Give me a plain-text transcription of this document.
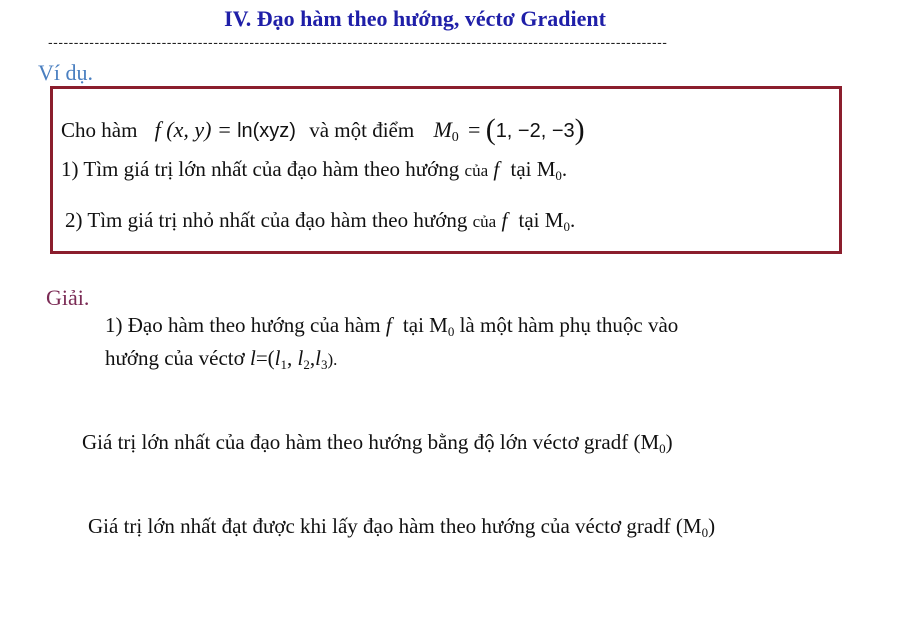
IV. Đạo hàm theo hướng, véctơ Gradient
------------------------------------------------------------------------------------------------------------------------
Ví dụ.
Cho hàm f (x, y) = ln(xyz) và một điểm M0 = (1, −2, −3)
1) Tìm giá trị lớn nhất của đạo hàm theo hướng của f tại M0.
2) Tìm giá trị nhỏ nhất của đạo hàm theo hướng của f tại M0.
Giải.
1) Đạo hàm theo hướng của hàm f tại M0 là một hàm phụ thuộc vào
hướng của véctơ l=(l1, l2,l3).
Giá trị lớn nhất của đạo hàm theo hướng bằng độ lớn véctơ gradf (M0)
Giá trị lớn nhất đạt được khi lấy đạo hàm theo hướng của véctơ gradf (M0)
